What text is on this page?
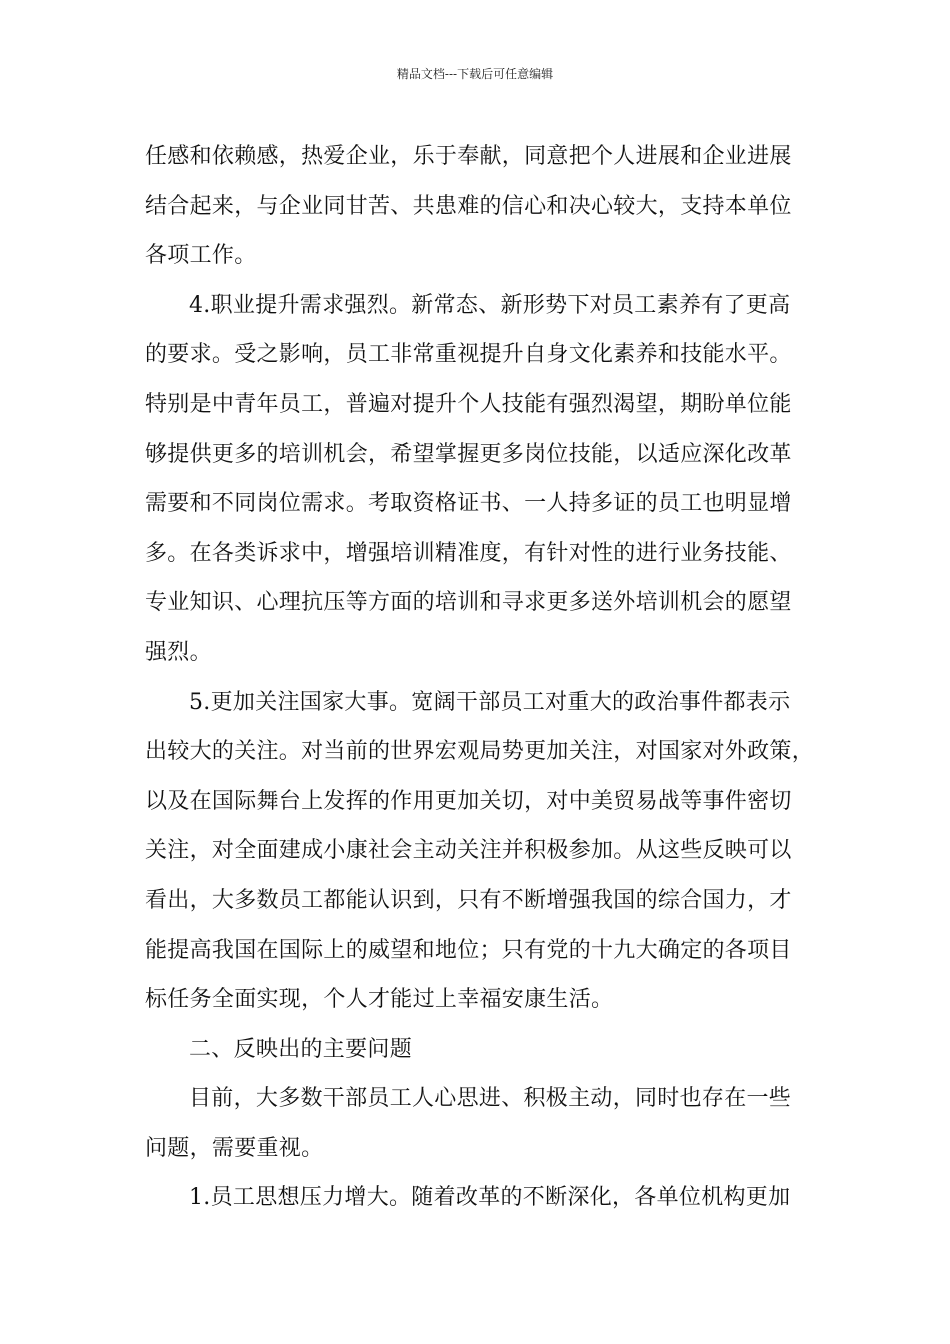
精品文档---下载后可任意编辑
任感和依赖感，热爱企业，乐于奉献，同意把个人进展和企业进展
结合起来，与企业同甘苦、共患难的信心和决心较大，支持本单位
各项工作。
4.职业提升需求强烈。新常态、新形势下对员工素养有了更高
的要求。受之影响，员工非常重视提升自身文化素养和技能水平。
特别是中青年员工，普遍对提升个人技能有强烈渴望，期盼单位能
够提供更多的培训机会，希望掌握更多岗位技能，以适应深化改革
需要和不同岗位需求。考取资格证书、一人持多证的员工也明显增
多。在各类诉求中，增强培训精准度，有针对性的进行业务技能、
专业知识、心理抗压等方面的培训和寻求更多送外培训机会的愿望
强烈。
5.更加关注国家大事。宽阔干部员工对重大的政治事件都表示
出较大的关注。对当前的世界宏观局势更加关注，对国家对外政策，
以及在国际舞台上发挥的作用更加关切，对中美贸易战等事件密切
关注，对全面建成小康社会主动关注并积极参加。从这些反映可以
看出，大多数员工都能认识到，只有不断增强我国的综合国力，才
能提高我国在国际上的威望和地位；只有党的十九大确定的各项目
标任务全面实现，个人才能过上幸福安康生活。
二、反映出的主要问题
目前，大多数干部员工人心思进、积极主动，同时也存在一些
问题，需要重视。
1.员工思想压力增大。随着改革的不断深化，各单位机构更加
